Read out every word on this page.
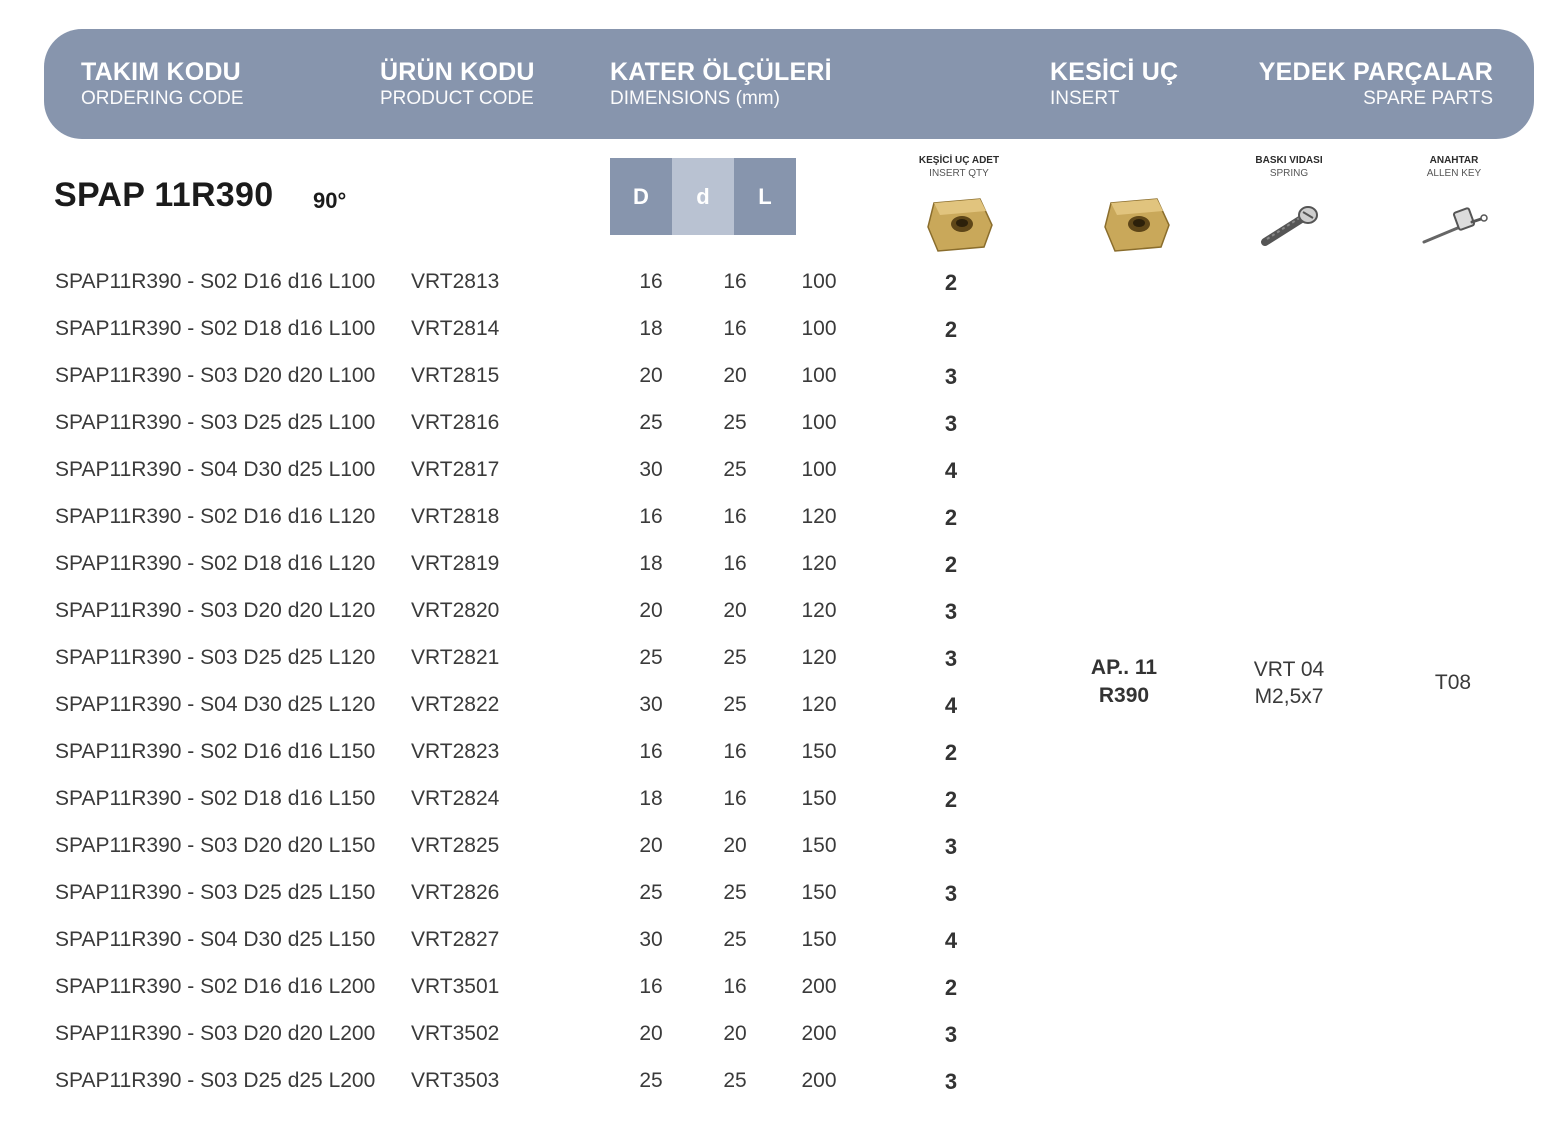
TAKIM KODU
ORDERING CODE
ÜRÜN KODU
PRODUCT CODE
KATER ÖLÇÜLERİ
DIMENSIONS (mm)
KESİCİ UÇ
INSERT
YEDEK PARÇALAR
SPARE PARTS
SPAP 11R390 90°	D	d	L
KEŞİCİ UÇ ADET
INSERT QTY
BASKI VIDASI
SPRING
ANAHTAR
ALLEN KEY
SPAP11R390 - S02 D16 d16 L100 VRT2813	16	16	100	2
SPAP11R390 - S02 D18 d16 L100 VRT2814	18	16	100	2
SPAP11R390 - S03 D20 d20 L100 VRT2815	20	20	100	3
SPAP11R390 - S03 D25 d25 L100 VRT2816	25	25	100	3
SPAP11R390 - S04 D30 d25 L100 VRT2817	30	25	100	4
SPAP11R390 - S02 D16 d16 L120 VRT2818	16	16	120	2
SPAP11R390 - S02 D18 d16 L120 VRT2819	18	16	120	2
SPAP11R390 - S03 D20 d20 L120 VRT2820	20	20	120	3
SPAP11R390 - S03 D25 d25 L120 VRT2821	25	25	120	3
SPAP11R390 - S04 D30 d25 L120 VRT2822	30	25	120	4
SPAP11R390 - S02 D16 d16 L150 VRT2823	16	16	150	2
SPAP11R390 - S02 D18 d16 L150 VRT2824	18	16	150	2
SPAP11R390 - S03 D20 d20 L150 VRT2825	20	20	150	3
SPAP11R390 - S03 D25 d25 L150 VRT2826	25	25	150	3
SPAP11R390 - S04 D30 d25 L150 VRT2827	30	25	150	4
SPAP11R390 - S02 D16 d16 L200 VRT3501	16	16	200	2
SPAP11R390 - S03 D20 d20 L200 VRT3502	20	20	200	3
SPAP11R390 - S03 D25 d25 L200 VRT3503	25	25	200	3
AP.. 11
R390
VRT 04
M2,5x7
T08
